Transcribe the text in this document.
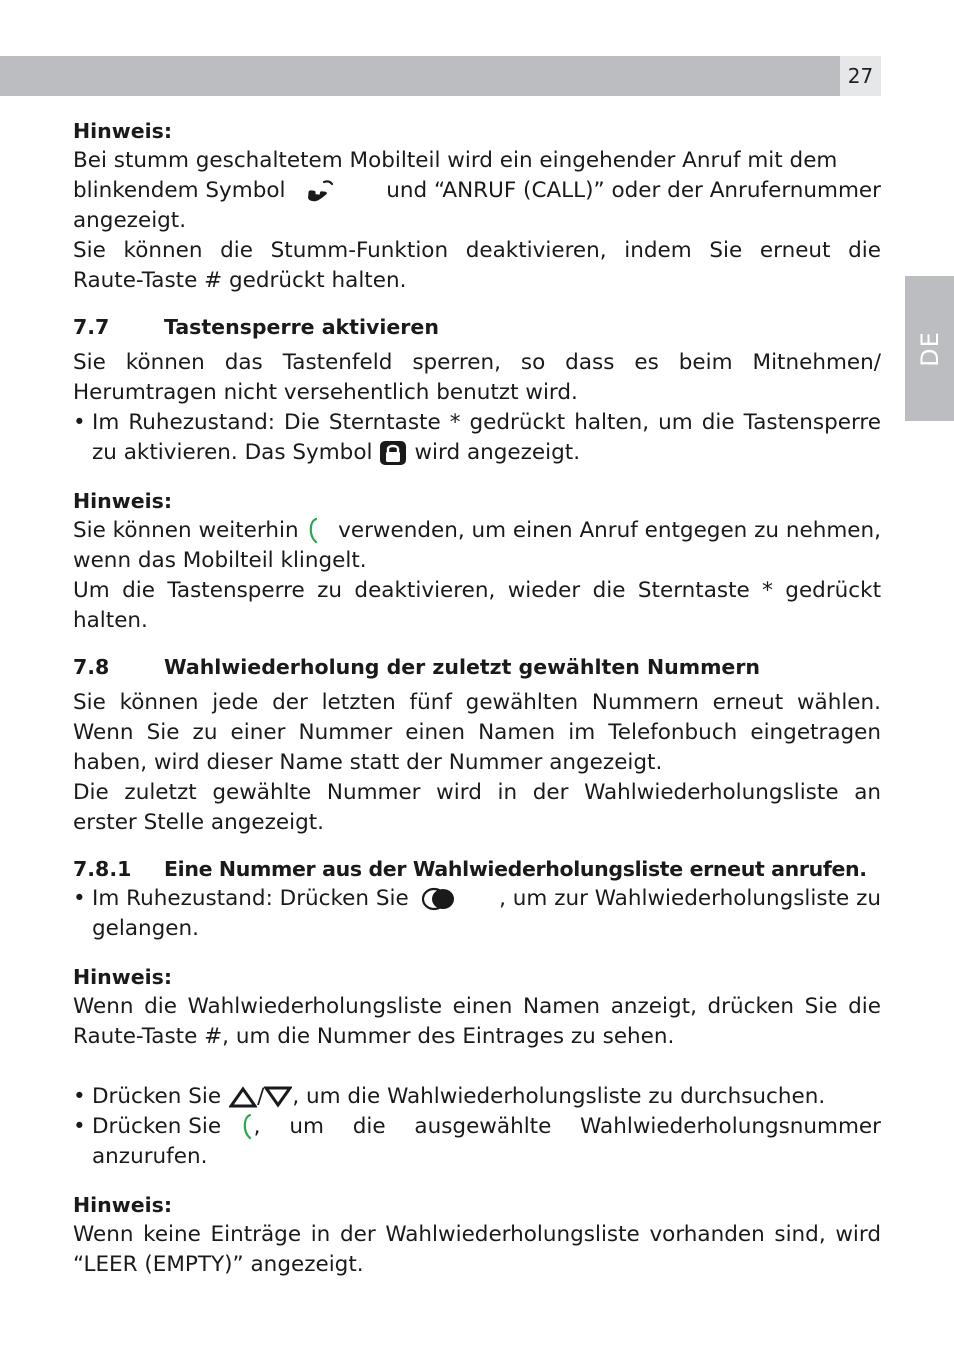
27
DE
Hinweis:

Bei stumm geschaltetem Mobilteil wird ein eingehender Anruf mit dem

blinkendem Symbol	und “ANRUF (CALL)” oder der Anrufernummer

angezeigt.

Sie können die Stumm-Funktion deaktivieren, indem Sie erneut die

Raute-Taste # gedrückt halten.

7.7	Tastensperre aktivieren

Sie können das Tastenfeld sperren, so dass es beim Mitnehmen/

Herumtragen nicht versehentlich benutzt wird.

• Im Ruhezustand: Die Sterntaste * gedrückt halten, um die Tastensperre
zu aktivieren. Das Symbol wird angezeigt.
Hinweis:

Sie können weiterhin verwenden, um einen Anruf entgegen zu nehmen,

wenn das Mobilteil klingelt.

Um die Tastensperre zu deaktivieren, wieder die Sterntaste * gedrückt

halten.

7.8	Wahlwiederholung der zuletzt gewählten Nummern

Sie können jede der letzten fünf gewählten Nummern erneut wählen.

Wenn Sie zu einer Nummer einen Namen im Telefonbuch eingetragen

haben, wird dieser Name statt der Nummer angezeigt.

Die zuletzt gewählte Nummer wird in der Wahlwiederholungsliste an

erster Stelle angezeigt.

7.8.1	Eine Nummer aus der Wahlwiederholungsliste erneut anrufen.
• Im Ruhezustand: Drücken Sie	, um zur Wahlwiederholungsliste zu
gelangen.
Hinweis:

Wenn die Wahlwiederholungsliste einen Namen anzeigt, drücken Sie die

Raute-Taste #, um die Nummer des Eintrages zu sehen.

• Drücken Sie / , um die Wahlwiederholungsliste zu durchsuchen.
• Drücken Sie , um die ausgewählte Wahlwiederholungsnummer
anzurufen.
Hinweis:

Wenn keine Einträge in der Wahlwiederholungsliste vorhanden sind, wird

“LEER (EMPTY)” angezeigt.
